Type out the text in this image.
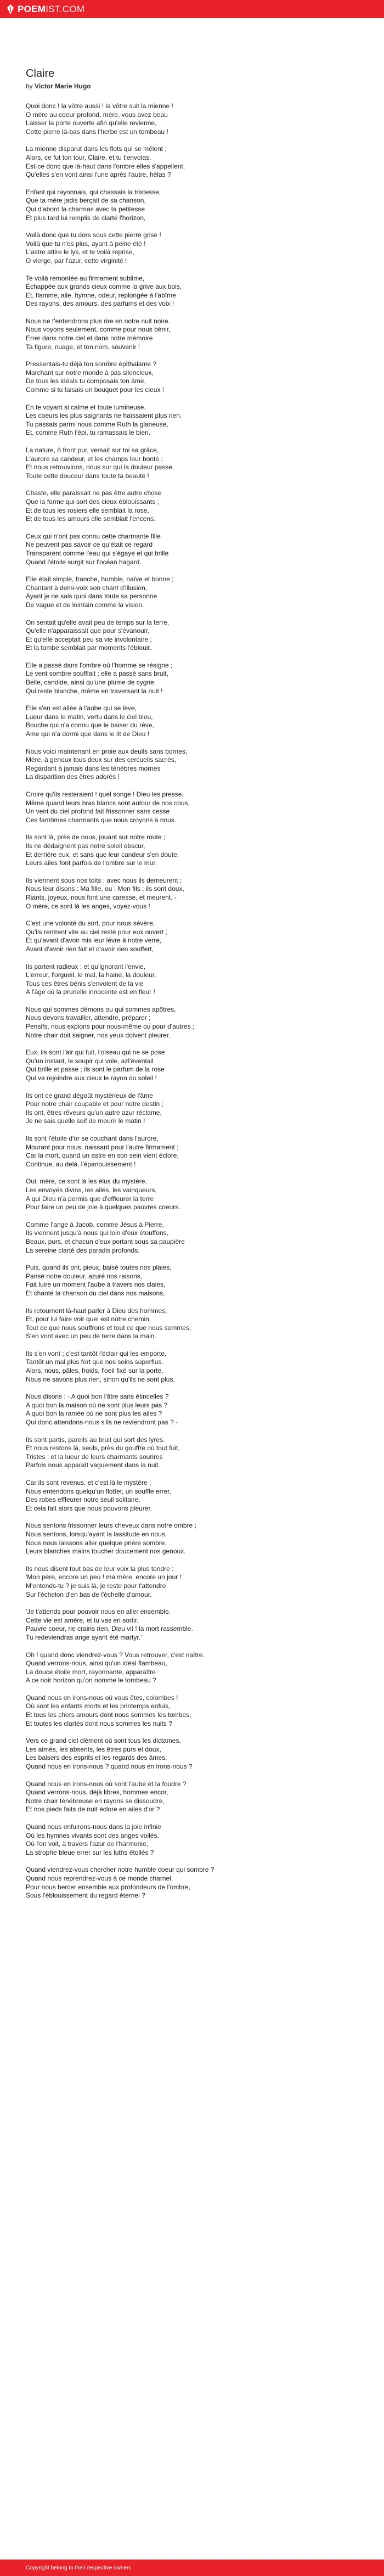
POEM IST.COM
Claire
by Victor Marie Hugo
Quoi donc ! la vôtre aussi ! la vôtre suit la mienne !
O mère au coeur profond, mère, vous avez beau
Laisser la porte ouverte afin qu'elle revienne,
Cette pierre là-bas dans l'herbe est un tombeau !
La mienne disparut dans les flots qui se mêlent ;
Alors, ce fut ton tour, Claire, et tu t'envolas.
Est-ce donc que là-haut dans l'ombre elles s'appellent,
Qu'elles s'en vont ainsi l'une après l'autre, hélas ?
Enfant qui rayonnais, qui chassais la tristesse,
Que ta mère jadis berçait de sa chanson,
Qui d'abord la charmas avec ta petitesse
Et plus tard lui remplis de clarté l'horizon,
Voilà donc que tu dors sous cette pierre grise !
Voilà que tu n'es plus, ayant à peine été !
L'astre attire le lys, et te voilà reprise,
O vierge, par l'azur, cette virginité !
Te voilà remontée au firmament sublime,
Échappée aux grands cieux comme la grive aux bois,
Et, flamme, aile, hymne, odeur, replongée à l'abîme
Des rayons, des amours, des parfums et des voix !
Nous ne t'entendrons plus rire en notre nuit noire.
Nous voyons seulement, comme pour nous bénir,
Errer dans notre ciel et dans notre mémoire
Ta figure, nuage, et ton nom, souvenir !
Pressentais-tu déjà ton sombre épithalame ?
Marchant sur notre monde à pas silencieux,
De tous les idéals tu composais ton âme,
Comme si tu faisais un bouquet pour les cieux !
En te voyant si calme et toute lumineuse,
Les coeurs les plus saignants ne haïssaient plus rien.
Tu passais parmi nous comme Ruth la glaneuse,
Et, comme Ruth l'épi, tu ramassais le bien.
La nature, ô front pur, versait sur toi sa grâce,
L'aurore sa candeur, et les champs leur bonté ;
Et nous retrouvions, nous sur qui la douleur passe,
Toute cette douceur dans toute ta beauté !
Chaste, elle paraissait ne pas être autre chose
Que la forme qui sort des cieux éblouissants ;
Et de tous les rosiers elle semblait la rose,
Et de tous les amours elle semblait l'encens.
Ceux qui n'ont pas connu cette charmante fille
Ne peuvent pas savoir ce qu'était ce regard
Transparent comme l'eau qui s'égaye et qui brille
Quand l'étoile surgit sur l'océan hagard.
Elle était simple, franche, humble, naïve et bonne ;
Chantant à demi-voix son chant d'illusion,
Ayant je ne sais quoi dans toute sa personne
De vague et de lointain comme la vision.
On sentait qu'elle avait peu de temps sur la terre,
Qu'elle n'apparaissait que pour s'évanouir,
Et qu'elle acceptait peu sa vie involontaire ;
Et la tombe semblait par moments l'éblouir.
Elle a passé dans l'ombre où l'homme se résigne ;
Le vent sombre soufflait ; elle a passé sans bruit,
Belle, candide, ainsi qu'une plume de cygne
Qui reste blanche, même en traversant la nuit !
Elle s'en est allée à l'aube qui se lève,
Lueur dans le matin, vertu dans le ciel bleu,
Bouche qui n'a connu que le baiser du rêve,
Ame qui n'a dormi que dans le lit de Dieu !
Nous voici maintenant en proie aux deuils sans bornes,
Mère, à genoux tous deux sur des cercueils sacrés,
Regardant à jamais dans les ténèbres mornes
La disparition des êtres adorés !
Croire qu'ils resteraient ! quel songe ! Dieu les presse.
Même quand leurs bras blancs sont autour de nos cous,
Un vent du ciel profond fait frissonner sans cesse
Ces fantômes charmants que nous croyons à nous.
Ils sont là, près de nous, jouant sur notre route ;
Ils ne dédaignent pas notre soleil obscur,
Et derrière eux, et sans que leur candeur s'en doute,
Leurs ailes font parfois de l'ombre sur le mur.
Ils viennent sous nos toits ; avec nous ils demeurent ;
Nous leur disons : Ma fille, ou : Mon fils ; ils sont doux,
Riants, joyeux, nous font une caresse, et meurent. -
O mère, ce sont là les anges, voyez-vous !
C'est une volonté du sort, pour nous sévère,
Qu'ils rentrent vite au ciel resté pour eux ouvert ;
Et qu'avant d'avoir mis leur lèvre à notre verre,
Avant d'avoir rien fait et d'avoir rien souffert,
Ils partent radieux ; et qu'ignorant l'envie,
L'erreur, l'orgueil, le mal, la haine, la douleur,
Tous ces êtres bénis s'envolent de la vie
A l'âge où la prunelle innocente est en fleur !
Nous qui sommes démons ou qui sommes apôtres,
Nous devons travailler, attendre, préparer ;
Pensifs, nous expions pour nous-même ou pour d'autres ;
Notre chair doit saigner, nos yeux doivent pleurer.
Eux, ils sont l'air qui fuit, l'oiseau qui ne se pose
Qu'un instant, le soupir qui vole, azl'éventail
Qui brille et passe ; ils sont le parfum de la rose
Qui va rejoindre aux cieux le rayon du soleil !
Ils ont ce grand dégoût mystérieux de l'âme
Pour notre chair coupable et pour notre destin ;
Ils ont, êtres rêveurs qu'un autre azur réclame,
Je ne sais quelle soif de mourir le matin !
Ils sont l'étoile d'or se couchant dans l'aurore,
Mourant pour nous, naissant pour l'autre firmament ;
Car la mort, quand un astre en son sein vient éclore,
Continue, au delà, l'épanouissement !
Oui, mère, ce sont là les élus du mystère,
Les envoyés divins, les ailés, les vainqueurs,
A qui Dieu n'a permis que d'effleurer la terre
Pour faire un peu de joie à quelques pauvres coeurs.
Comme l'ange à Jacob, comme Jésus à Pierre,
Ils viennent jusqu'à nous qui loin d'eux étouffons,
Beaux, purs, et chacun d'eux portant sous sa paupière
La sereine clarté des paradis profonds.
Puis, quand ils ont, pieux, baisé toutes nos plaies,
Pansé notre douleur, azuré nos raisons,
Fait luire un moment l'aube à travers nos claies,
Et chanté la chanson du ciel dans nos maisons,
Ils retournent là-haut parler à Dieu des hommes,
Et, pour lui faire voir quel est notre chemin,
Tout ce que nous souffrons et tout ce que nous sommes,
S'en vont avec un peu de terre dans la main.
Ils s'en vont ; c'est tantôt l'éclair qui les emporte,
Tantôt un mal plus fort que nos soins superflus.
Alors, nous, pâles, froids, l'oeil fixé sur la porte,
Nous ne savons plus rien, sinon qu'ils ne sont plus.
Nous disons : - A quoi bon l'âtre sans étincelles ?
A quoi bon la maison où ne sont plus leurs pas ?
A quoi bon la ramée où ne sont plus les ailes ?
Qui donc attendons-nous s'ils ne reviendront pas ? -
Ils sont partis, pareils au bruit qui sort des lyres.
Et nous restons là, seuls, près du gouffre où tout fuit,
Tristes ; et la lueur de leurs charmants sourires
Parfois nous apparaît vaguement dans la nuit.
Car ils sont revenus, et c'est là le mystère ;
Nous entendons quelqu'un flotter, un souffle errer,
Des robes effleurer notre seuil solitaire,
Et cela fait alors que nous pouvons pleurer.
Nous sentons frissonner leurs cheveux dans notre ombre ;
Nous sentons, lorsqu'ayant la lassitude en nous,
Nous nous laissons aller quelque prière sombre,
Leurs blanches mains toucher doucement nos genoux.
Ils nous disent tout bas de leur voix la plus tendre :
'Mon père, encore un peu ! ma mère, encore un jour !
M'entends-tu ? je suis là, je reste pour t'attendre
Sur l'échelon d'en bas de l'échelle d'amour.
'Je t'attends pour pouvoir nous en aller ensemble.
Cette vie est amère, et tu vas en sortir.
Pauvre coeur, ne crains rien, Dieu vit ! la mort rassemble.
Tu redeviendras ange ayant été martyr.'
Oh ! quand donc viendrez-vous ? Vous retrouver, c'est naître.
Quand verrons-nous, ainsi qu'un idéal flambeau,
La douce étoile mort, rayonnante, apparaître
A ce noir horizon qu'on nomme le tombeau ?
Quand nous en irons-nous où vous êtes, colombes !
Où sont les enfants morts et les printemps enfuis,
Et tous les chers amours dont nous sommes les tombes,
Et toutes les clartés dont nous sommes les nuits ?
Vers ce grand ciel clément où sont tous les dictames,
Les aimés, les absents, les êtres purs et doux,
Les baisers des esprits et les regards des âmes,
Quand nous en irons-nous ? quand nous en irons-nous ?
Quand nous en irons-nous où sont l'aube et la foudre ?
Quand verrons-nous, déjà libres, hommes encor,
Notre chair ténébreuse en rayons se dissoudre,
Et nos pieds faits de nuit éclore en ailes d'or ?
Quand nous enfuirons-nous dans la joie infinie
Où les hymnes vivants sont des anges voilés,
Où l'on voit, à travers l'azur de l'harmonie,
La strophe bleue errer sur les luths étoilés ?
Quand viendrez-vous chercher notre humble coeur qui sombre ?
Quand nous reprendrez-vous à ce monde charnel,
Pour nous bercer ensemble aux profondeurs de l'ombre,
Sous l'éblouissement du regard éternel ?
Copyright belong to their respective owners
